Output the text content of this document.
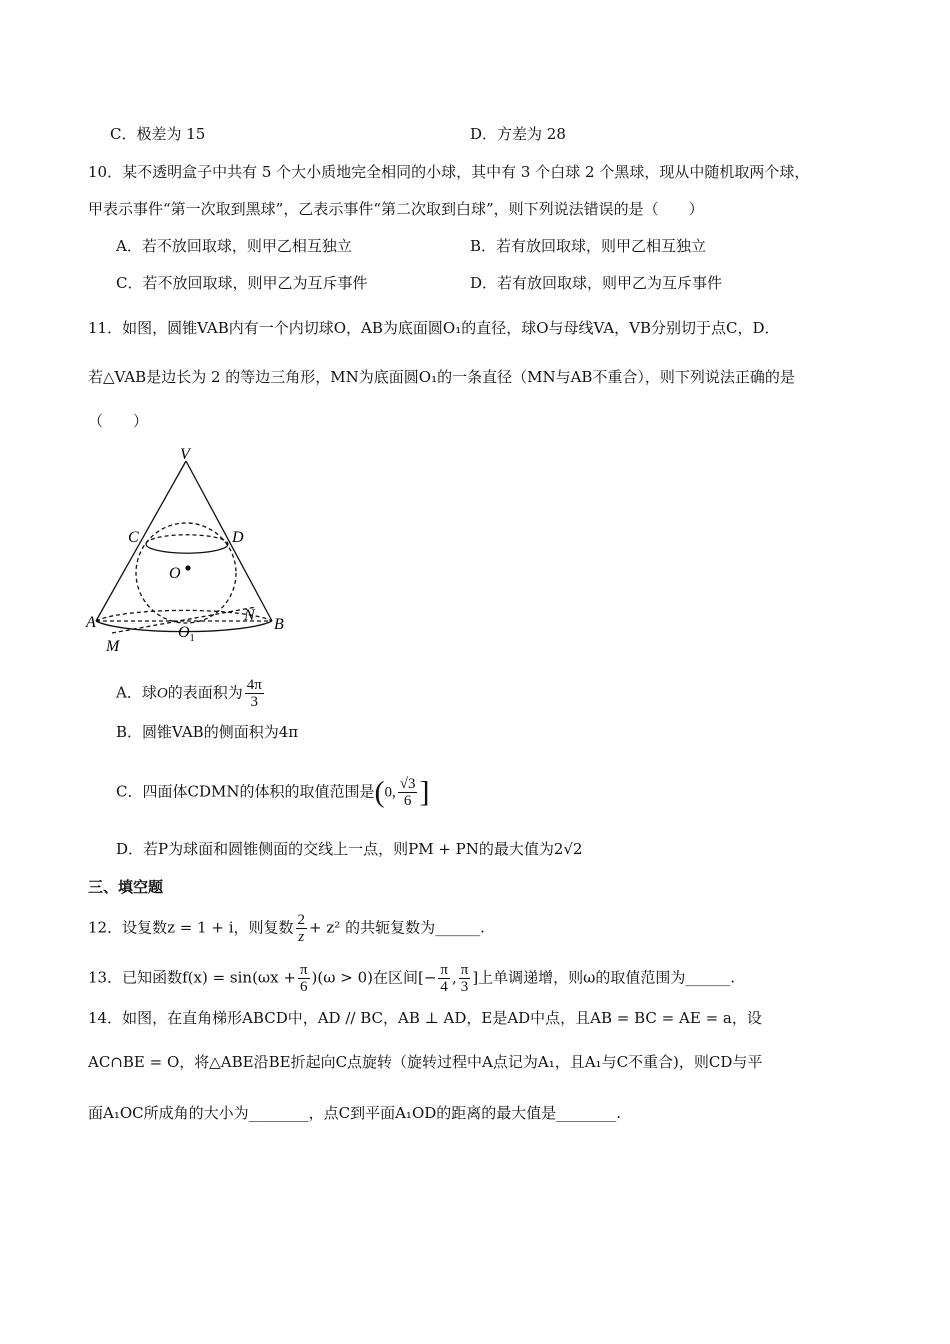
C．极差为 15	D．方差为 28
10．某不透明盒子中共有 5 个大小质地完全相同的小球，其中有 3 个白球 2 个黑球，现从中随机取两个球，
甲表示事件“第一次取到黑球”，乙表示事件“第二次取到白球”，则下列说法错误的是（　　）
A．若不放回取球，则甲乙相互独立	B．若有放回取球，则甲乙相互独立
C．若不放回取球，则甲乙为互斥事件	D．若有放回取球，则甲乙为互斥事件
11．如图，圆锥VAB内有一个内切球O，AB为底面圆O₁的直径，球O与母线VA，VB分别切于点C，D．
若△VAB是边长为 2 的等边三角形，MN为底面圆O₁的一条直径（MN与AB不重合），则下列说法正确的是
（　　）
V
C	D
O
A	B
N
$O_1$
M
A．球O的表面积为 $\frac{4\pi}{3}$
B．圆锥VAB的侧面积为4π
C．四面体CDMN的体积的取值范围是(0, $\frac{√3}{6}$ ]
D．若P为球面和圆锥侧面的交线上一点，则PM + PN的最大值为2√2
三、填空题
12．设复数z = 1 + i，则复数 $\frac{2}{z} + z^2$ 的共轭复数为______.
13．已知函数$f(x) = \sin(\omega x + \frac{\pi}{6} )(\omega > 0)$在区间[− $\frac{\pi}{4}$ , $\frac{\pi}{3}$ ]上单调递增，则ω的取值范围为______.
14．如图，在直角梯形ABCD中，AD // BC，AB ⊥ AD，E是AD中点，且AB = BC = AE = a，设
AC∩BE = O，将△ABE沿BE折起向C点旋转（旋转过程中A点记为A₁，且A₁与C不重合)，则CD与平
面A₁OC所成角的大小为________，点C到平面A₁OD的距离的最大值是________.
